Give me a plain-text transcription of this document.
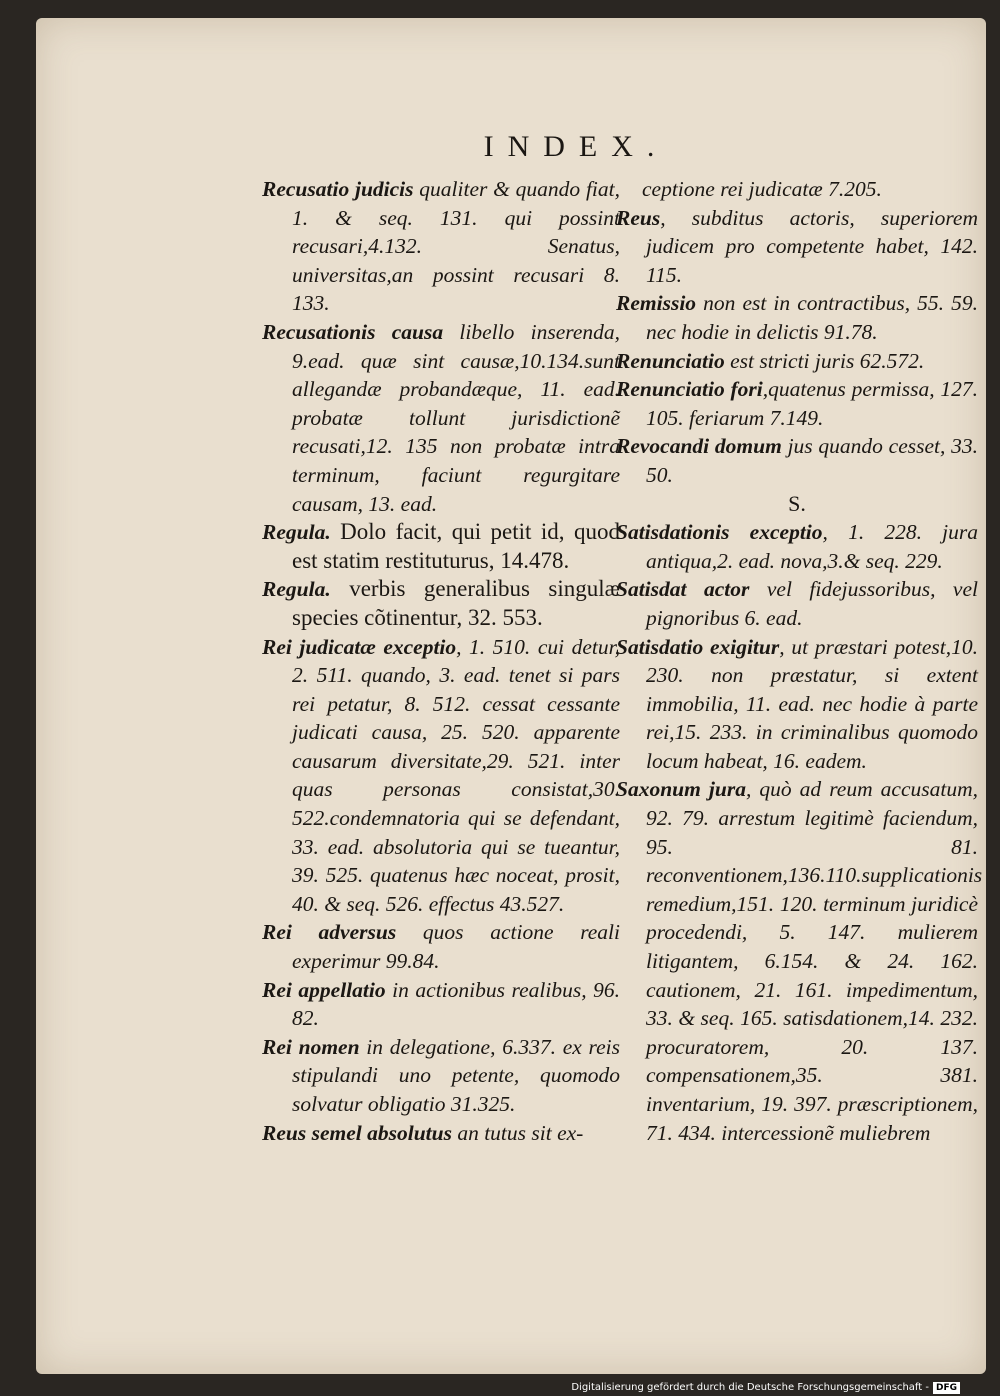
INDEX.

Recusatio judicis qualiter & quando fiat, 1. & seq. 131. qui possint recusari,4.132. Senatus, universitas,an possint recusari 8. 133.

Recusationis causa libello inserenda, 9.ead. quæ sint causæ,10.134.sunt allegandæ probandæque, 11. ead. probatæ tollunt jurisdictionẽ recusati,12. 135 non probatæ intra terminum, faciunt regurgitare causam, 13. ead.

Regula. Dolo facit, qui petit id, quod est statim restituturus, 14.478.

Regula. verbis generalibus singulæ species cõtinentur, 32. 553.

Rei judicatæ exceptio, 1. 510. cui detur, 2. 511. quando, 3. ead. tenet si pars rei petatur, 8. 512. cessat cessante judicati causa, 25. 520. apparente causarum diversitate,29. 521. inter quas personas consistat,30. 522.condemnatoria qui se defendant, 33. ead. absolutoria qui se tueantur, 39. 525. quatenus hæc noceat, prosit, 40. & seq. 526. effectus 43.527.

Rei adversus quos actione reali experimur 99.84.

Rei appellatio in actionibus realibus, 96. 82.

Rei nomen in delegatione, 6.337. ex reis stipulandi uno petente, quomodo solvatur obligatio 31.325.

Reus semel absolutus an tutus sit ex-

ceptione rei judicatæ 7.205.

Reus, subditus actoris, superiorem judicem pro competente habet, 142. 115.

Remissio non est in contractibus, 55. 59. nec hodie in delictis 91.78.

Renunciatio est stricti juris 62.572.

Renunciatio fori,quatenus permissa, 127. 105. feriarum 7.149.

Revocandi domum jus quando cesset, 33. 50.

S.

Satisdationis exceptio, 1. 228. jura antiqua,2. ead. nova,3.& seq. 229.

Satisdat actor vel fidejussoribus, vel pignoribus 6. ead.

Satisdatio exigitur, ut præstari potest,10. 230. non præstatur, si extent immobilia, 11. ead. nec hodie à parte rei,15. 233. in criminalibus quomodo locum habeat, 16. eadem.

Saxonum jura, quò ad reum accusatum, 92. 79. arrestum legitimè faciendum, 95. 81. reconventionem,136.110.supplicationis remedium,151. 120. terminum juridicè procedendi, 5. 147. mulierem litigantem, 6.154. & 24. 162. cautionem, 21. 161. impedimentum, 33. & seq. 165. satisdationem,14. 232. procuratorem, 20. 137. compensationem,35. 381. inventarium, 19. 397. præscriptionem, 71. 434. intercessionẽ muliebrem

Digitalisierung gefördert durch die Deutsche Forschungsgemeinschaft - DFG
